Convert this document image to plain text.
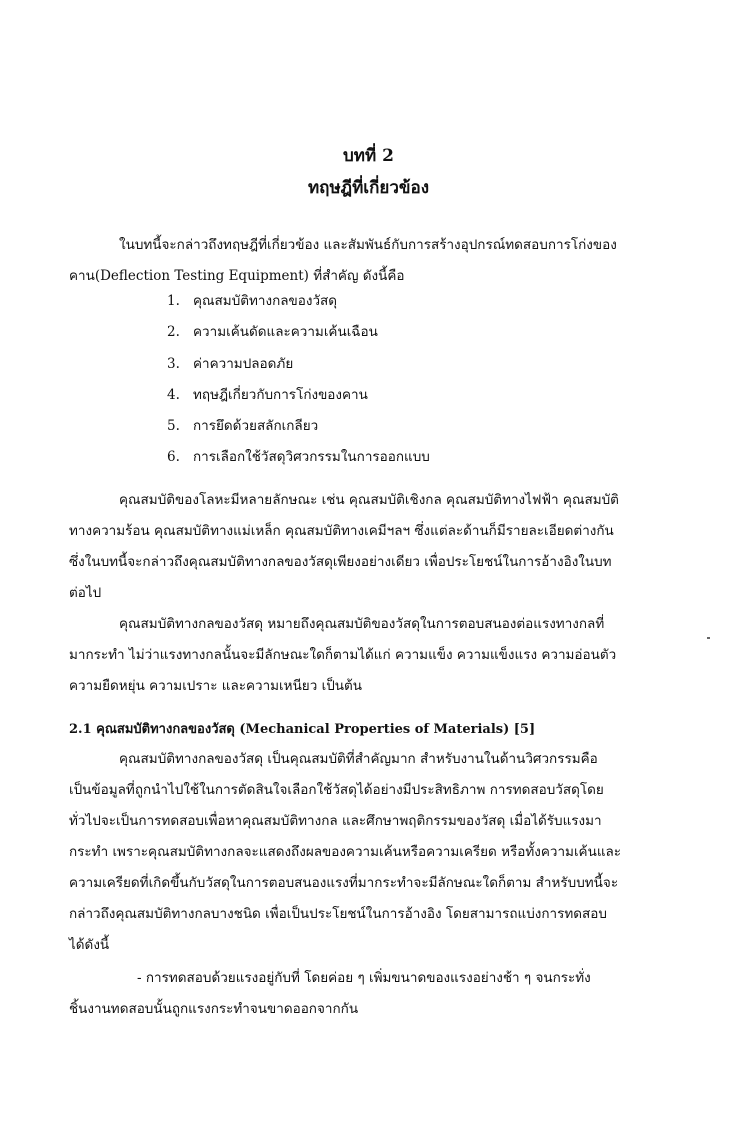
บทที่ 2
ทฤษฎีที่เกี่ยวข้อง
ในบทนี้จะกล่าวถึงทฤษฎีที่เกี่ยวข้อง และสัมพันธ์กับการสร้างอุปกรณ์ทดสอบการโก่งของ
คาน(Deflection Testing Equipment) ที่สำคัญ ดังนี้คือ
1. คุณสมบัติทางกลของวัสดุ
2. ความเค้นดัดและความเค้นเฉือน
3. ค่าความปลอดภัย
4. ทฤษฎีเกี่ยวกับการโก่งของคาน
5. การยึดด้วยสลักเกลียว
6. การเลือกใช้วัสดุวิศวกรรมในการออกแบบ
คุณสมบัติของโลหะมีหลายลักษณะ เช่น คุณสมบัติเชิงกล คุณสมบัติทางไฟฟ้า คุณสมบัติ
ทางความร้อน คุณสมบัติทางแม่เหล็ก คุณสมบัติทางเคมีฯลฯ ซึ่งแต่ละด้านก็มีรายละเอียดต่างกัน
ซึ่งในบทนี้จะกล่าวถึงคุณสมบัติทางกลของวัสดุเพียงอย่างเดียว เพื่อประโยชน์ในการอ้างอิงในบท
ต่อไป
คุณสมบัติทางกลของวัสดุ หมายถึงคุณสมบัติของวัสดุในการตอบสนองต่อแรงทางกลที่
มากระทำ ไม่ว่าแรงทางกลนั้นจะมีลักษณะใดก็ตามได้แก่ ความแข็ง ความแข็งแรง ความอ่อนตัว
ความยืดหยุ่น ความเปราะ และความเหนียว เป็นต้น
2.1 คุณสมบัติทางกลของวัสดุ (Mechanical Properties of Materials) [5]
คุณสมบัติทางกลของวัสดุ เป็นคุณสมบัติที่สำคัญมาก สำหรับงานในด้านวิศวกรรมคือ
เป็นข้อมูลที่ถูกนำไปใช้ในการตัดสินใจเลือกใช้วัสดุได้อย่างมีประสิทธิภาพ การทดสอบวัสดุโดย
ทั่วไปจะเป็นการทดสอบเพื่อหาคุณสมบัติทางกล และศึกษาพฤติกรรมของวัสดุ เมื่อได้รับแรงมา
กระทำ เพราะคุณสมบัติทางกลจะแสดงถึงผลของความเค้นหรือความเครียด หรือทั้งความเค้นและ
ความเครียดที่เกิดขึ้นกับวัสดุในการตอบสนองแรงที่มากระทำจะมีลักษณะใดก็ตาม สำหรับบทนี้จะ
กล่าวถึงคุณสมบัติทางกลบางชนิด เพื่อเป็นประโยชน์ในการอ้างอิง โดยสามารถแบ่งการทดสอบ
ได้ดังนี้
- การทดสอบด้วยแรงอยู่กับที่ โดยค่อย ๆ เพิ่มขนาดของแรงอย่างช้า ๆ จนกระทั่ง
ชิ้นงานทดสอบนั้นถูกแรงกระทำจนขาดออกจากกัน
